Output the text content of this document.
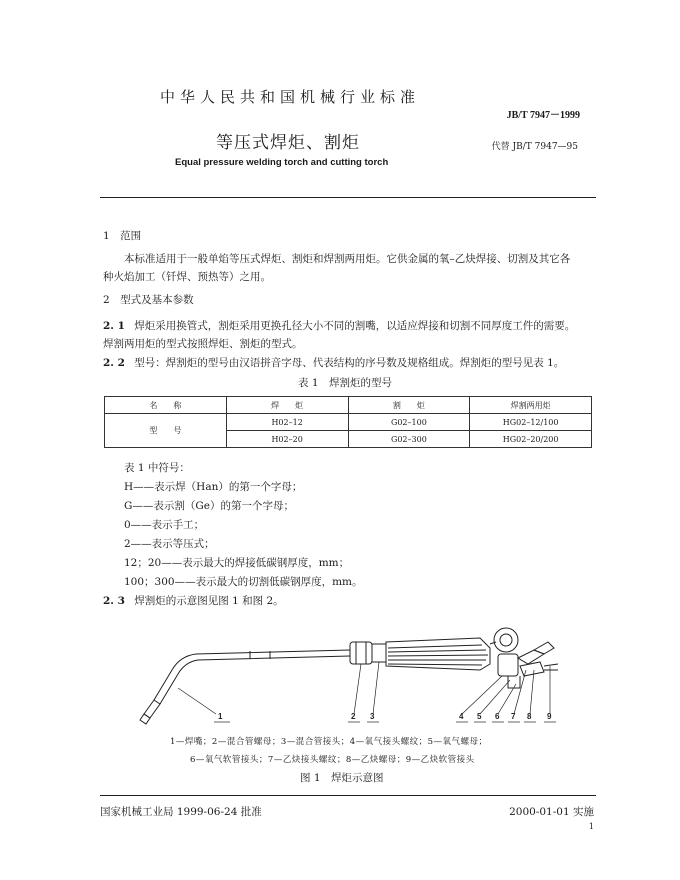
中华人民共和国机械行业标准
JB/T 7947－1999
等压式焊炬、割炬	代替 JB/T 7947—95
Equal pressure welding torch and cutting torch
1　范围
本标准适用于一般单焰等压式焊炬、割炬和焊割两用炬。它供金属的氧–乙炔焊接、切割及其它各
种火焰加工（钎焊、预热等）之用。
2　型式及基本参数
2. 1 焊炬采用换管式，割炬采用更换孔径大小不同的割嘴，以适应焊接和切割不同厚度工件的需要。
焊割两用炬的型式按照焊炬、割炬的型式。
2. 2 型号：焊割炬的型号由汉语拼音字母、代表结构的序号数及规格组成。焊割炬的型号见表 1。
表 1　焊割炬的型号
名　　称	焊　　炬	割　　炬	焊割两用炬
型　　号	H02–12	G02–100	HG02–12/100
	H02–20	G02–300	HG02–20/200
表 1 中符号：
H——表示焊（Han）的第一个字母；
G——表示割（Ge）的第一个字母；
0——表示手工；
2——表示等压式；
12；20——表示最大的焊接低碳钢厚度，mm；
100；300——表示最大的切割低碳钢厚度，mm。
2. 3 焊割炬的示意图见图 1 和图 2。
1	2 3	4 5 6 7 8 9
1—焊嘴；2—混合管螺母；3—混合管接头；4—氧气接头螺纹；5—氧气螺母；
6—氧气软管接头；7—乙炔接头螺纹；8—乙炔螺母；9—乙炔软管接头
图 1　焊炬示意图
国家机械工业局 1999-06-24 批准	2000-01-01 实施
1
